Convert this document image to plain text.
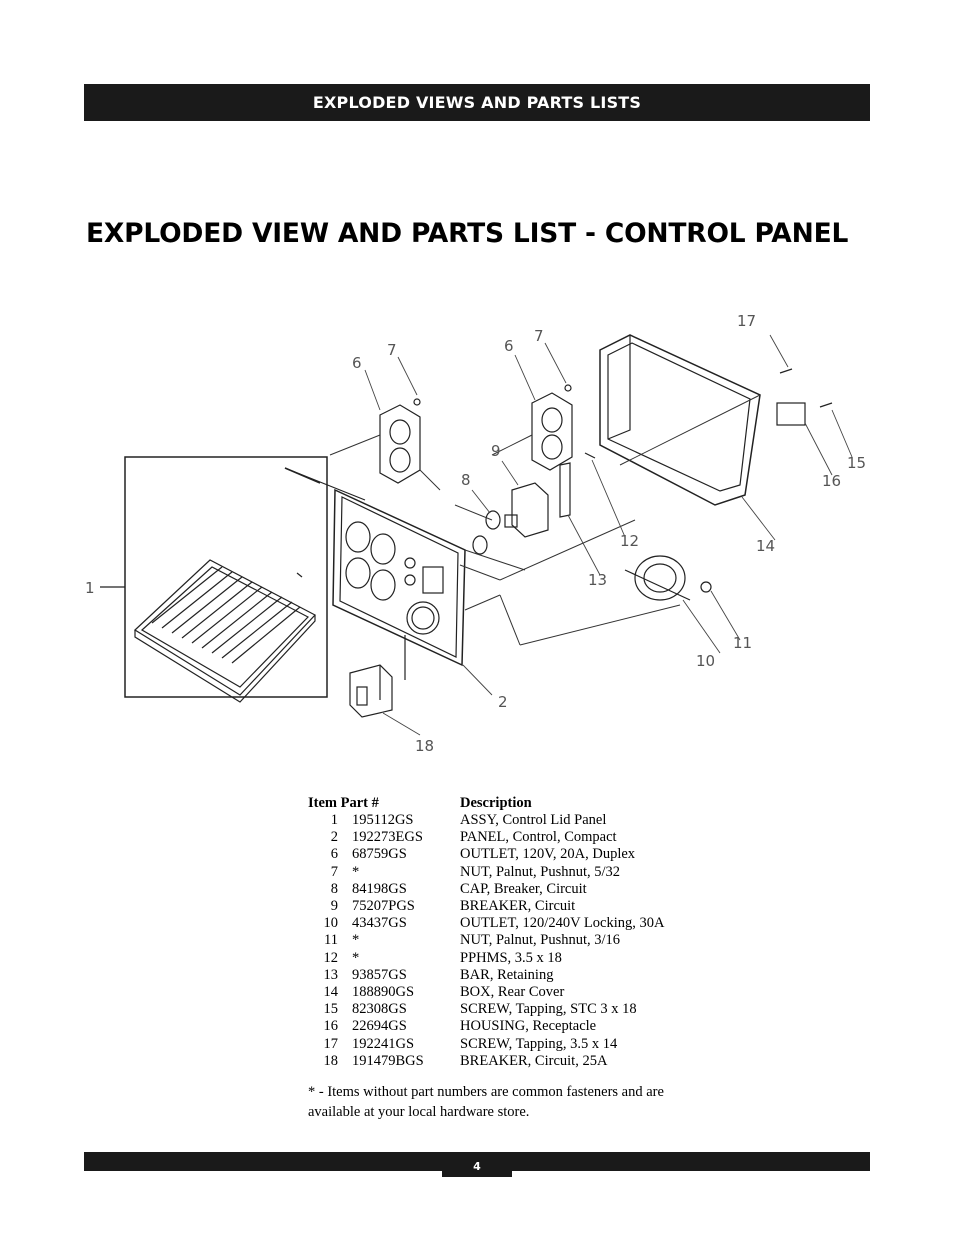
EXPLODED VIEWS AND PARTS LISTS
EXPLODED VIEW AND PARTS LIST - CONTROL PANEL
1
2
6
7	6
7
8
9
10
11
12
13
14
15
16
17
18
Item Part #		Description
1	195112GS	ASSY, Control Lid Panel
2	192273EGS	PANEL, Control, Compact
6	68759GS	OUTLET, 120V, 20A, Duplex
7	*	NUT, Palnut, Pushnut, 5/32
8	84198GS	CAP, Breaker, Circuit
9	75207PGS	BREAKER, Circuit
10	43437GS	OUTLET, 120/240V Locking, 30A
11	*	NUT, Palnut, Pushnut, 3/16
12	*	PPHMS, 3.5 x 18
13	93857GS	BAR, Retaining
14	188890GS	BOX, Rear Cover
15	82308GS	SCREW, Tapping, STC 3 x 18
16	22694GS	HOUSING, Receptacle
17	192241GS	SCREW, Tapping, 3.5 x 14
18	191479BGS	BREAKER, Circuit, 25A
* - Items without part numbers are common fasteners and are available at your local hardware store.
4
